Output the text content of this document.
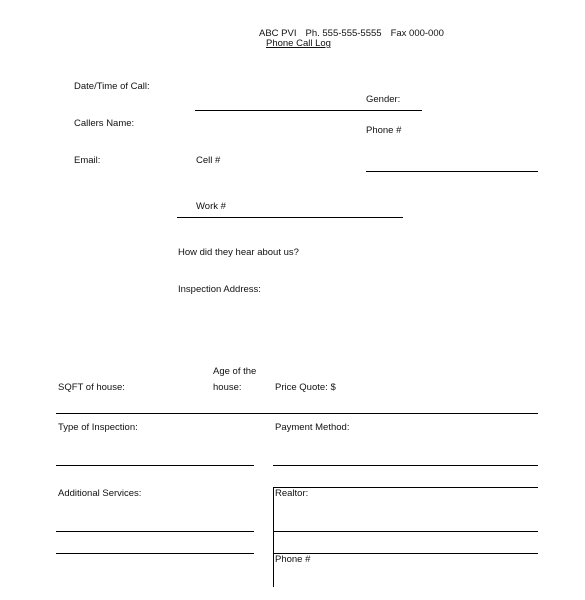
ABC PVI Ph. 555-555-5555 Fax 000-000
Phone Call Log
Date/Time of Call:
Gender:
Callers Name:
Phone #
Email:	Cell #
Work #
How did they hear about us?
Inspection Address:
Age of the
house:
SQFT of house:	Price Quote: $
Type of Inspection:	Payment Method:
Additional Services:	Realtor:
Phone #
